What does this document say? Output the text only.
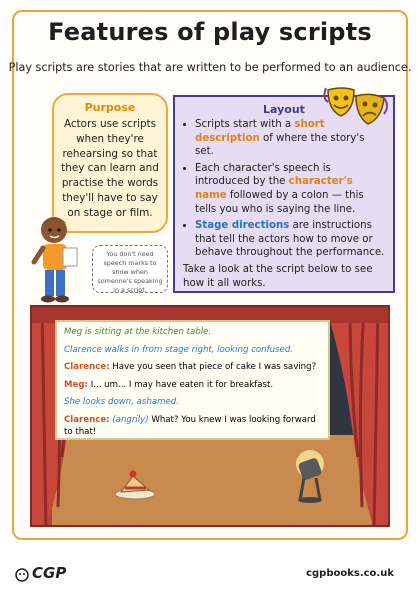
Features of play scripts
Play scripts are stories that are written to be performed to an audience.
Purpose
Actors use scripts when they're rehearsing so that they can learn and practise the words they'll have to say on stage or film.
Layout
• Scripts start with a short description of where the story's set.
• Each character's speech is introduced by the character's name followed by a colon — this tells you who is saying the line.
• Stage directions are instructions that tell the actors how to move or behave throughout the performance.
Take a look at the script below to see how it all works.
You don't need speech marks to show when someone's speaking in a script.
Meg is sitting at the kitchen table.
Clarence walks in from stage right, looking confused.
Clarence: Have you seen that piece of cake I was saving?
Meg: I... um... I may have eaten it for breakfast.
She looks down, ashamed.
Clarence: (angrily) What? You knew I was looking forward to that!
CGP	cgpbooks.co.uk
